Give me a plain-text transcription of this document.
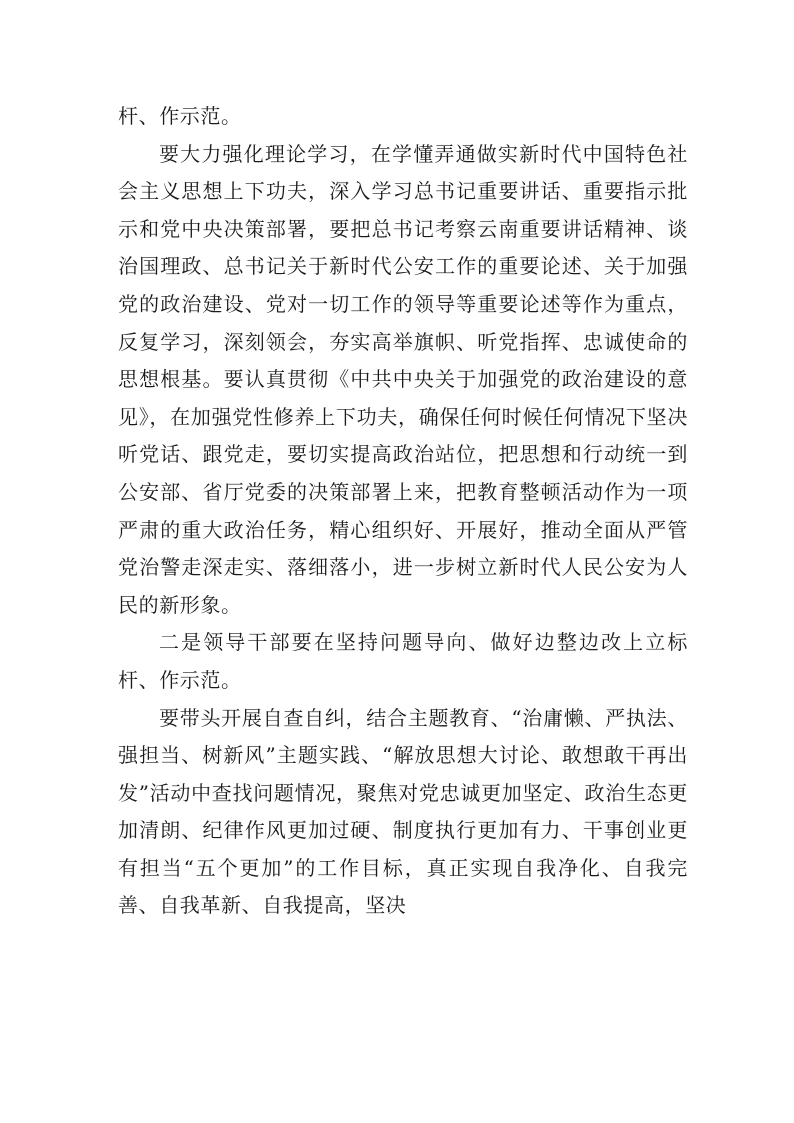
杆、作示范。

要大力强化理论学习，在学懂弄通做实新时代中国特色社会主义思想上下功夫，深入学习总书记重要讲话、重要指示批示和党中央决策部署，要把总书记考察云南重要讲话精神、谈治国理政、总书记关于新时代公安工作的重要论述、关于加强党的政治建设、党对一切工作的领导等重要论述等作为重点，反复学习，深刻领会，夯实高举旗帜、听党指挥、忠诚使命的思想根基。要认真贯彻《中共中央关于加强党的政治建设的意见》，在加强党性修养上下功夫，确保任何时候任何情况下坚决听党话、跟党走，要切实提高政治站位，把思想和行动统一到公安部、省厅党委的决策部署上来，把教育整顿活动作为一项严肃的重大政治任务，精心组织好、开展好，推动全面从严管党治警走深走实、落细落小，进一步树立新时代人民公安为人民的新形象。

二是领导干部要在坚持问题导向、做好边整边改上立标杆、作示范。

要带头开展自查自纠，结合主题教育、“治庸懒、严执法、强担当、树新风”主题实践、“解放思想大讨论、敢想敢干再出发”活动中查找问题情况，聚焦对党忠诚更加坚定、政治生态更加清朗、纪律作风更加过硬、制度执行更加有力、干事创业更有担当“五个更加”的工作目标，真正实现自我净化、自我完善、自我革新、自我提高，坚决
